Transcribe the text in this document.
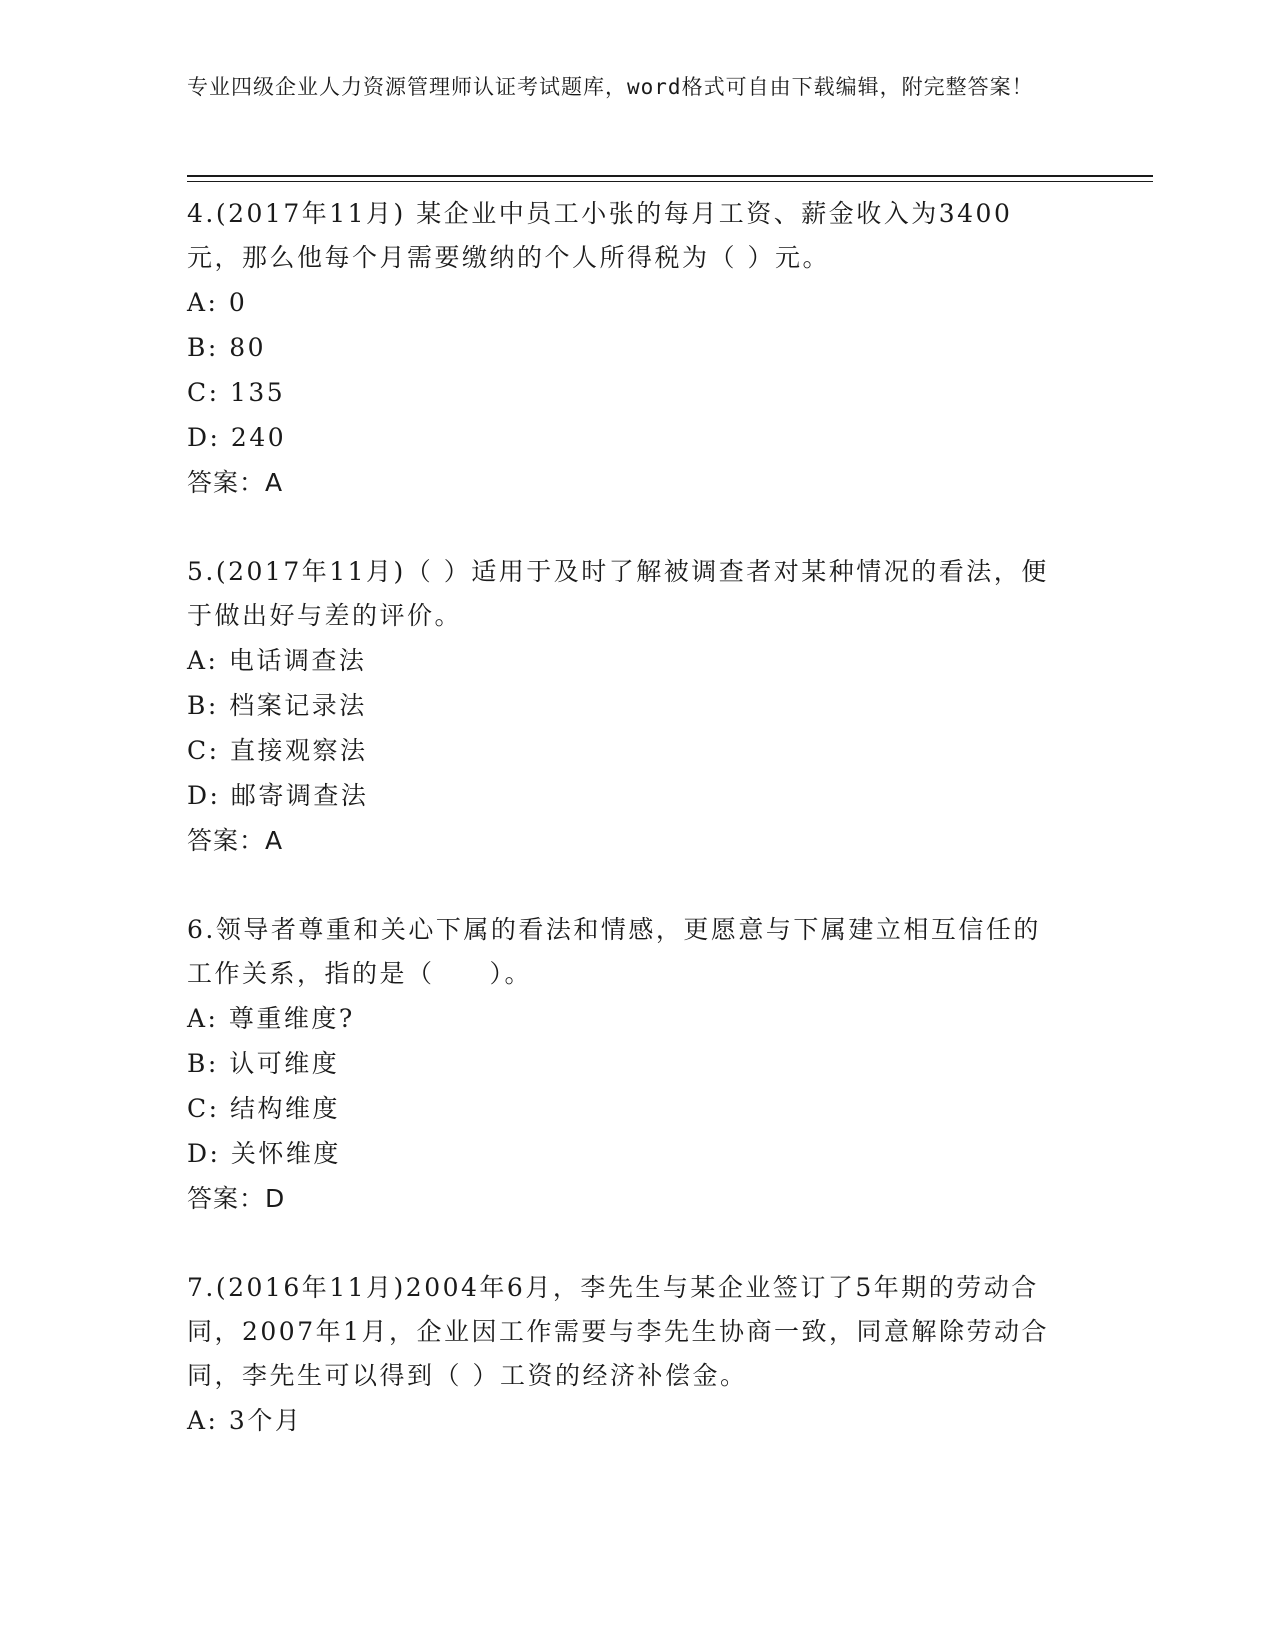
专业四级企业人力资源管理师认证考试题库，word格式可自由下载编辑，附完整答案！

4.(2017年11月) 某企业中员工小张的每月工资、薪金收入为3400元，那么他每个月需要缴纳的个人所得税为（ ）元。

A: 0

B: 80

C: 135

D: 240

答案：A

5.(2017年11月)（ ）适用于及时了解被调查者对某种情况的看法，便于做出好与差的评价。

A: 电话调查法

B: 档案记录法

C: 直接观察法

D: 邮寄调查法

答案：A

6.领导者尊重和关心下属的看法和情感，更愿意与下属建立相互信任的工作关系，指的是（　　）。

A: 尊重维度?

B: 认可维度

C: 结构维度

D: 关怀维度

答案：D

7.(2016年11月)2004年6月，李先生与某企业签订了5年期的劳动合同，2007年1月，企业因工作需要与李先生协商一致，同意解除劳动合同，李先生可以得到（ ）工资的经济补偿金。

A: 3个月
